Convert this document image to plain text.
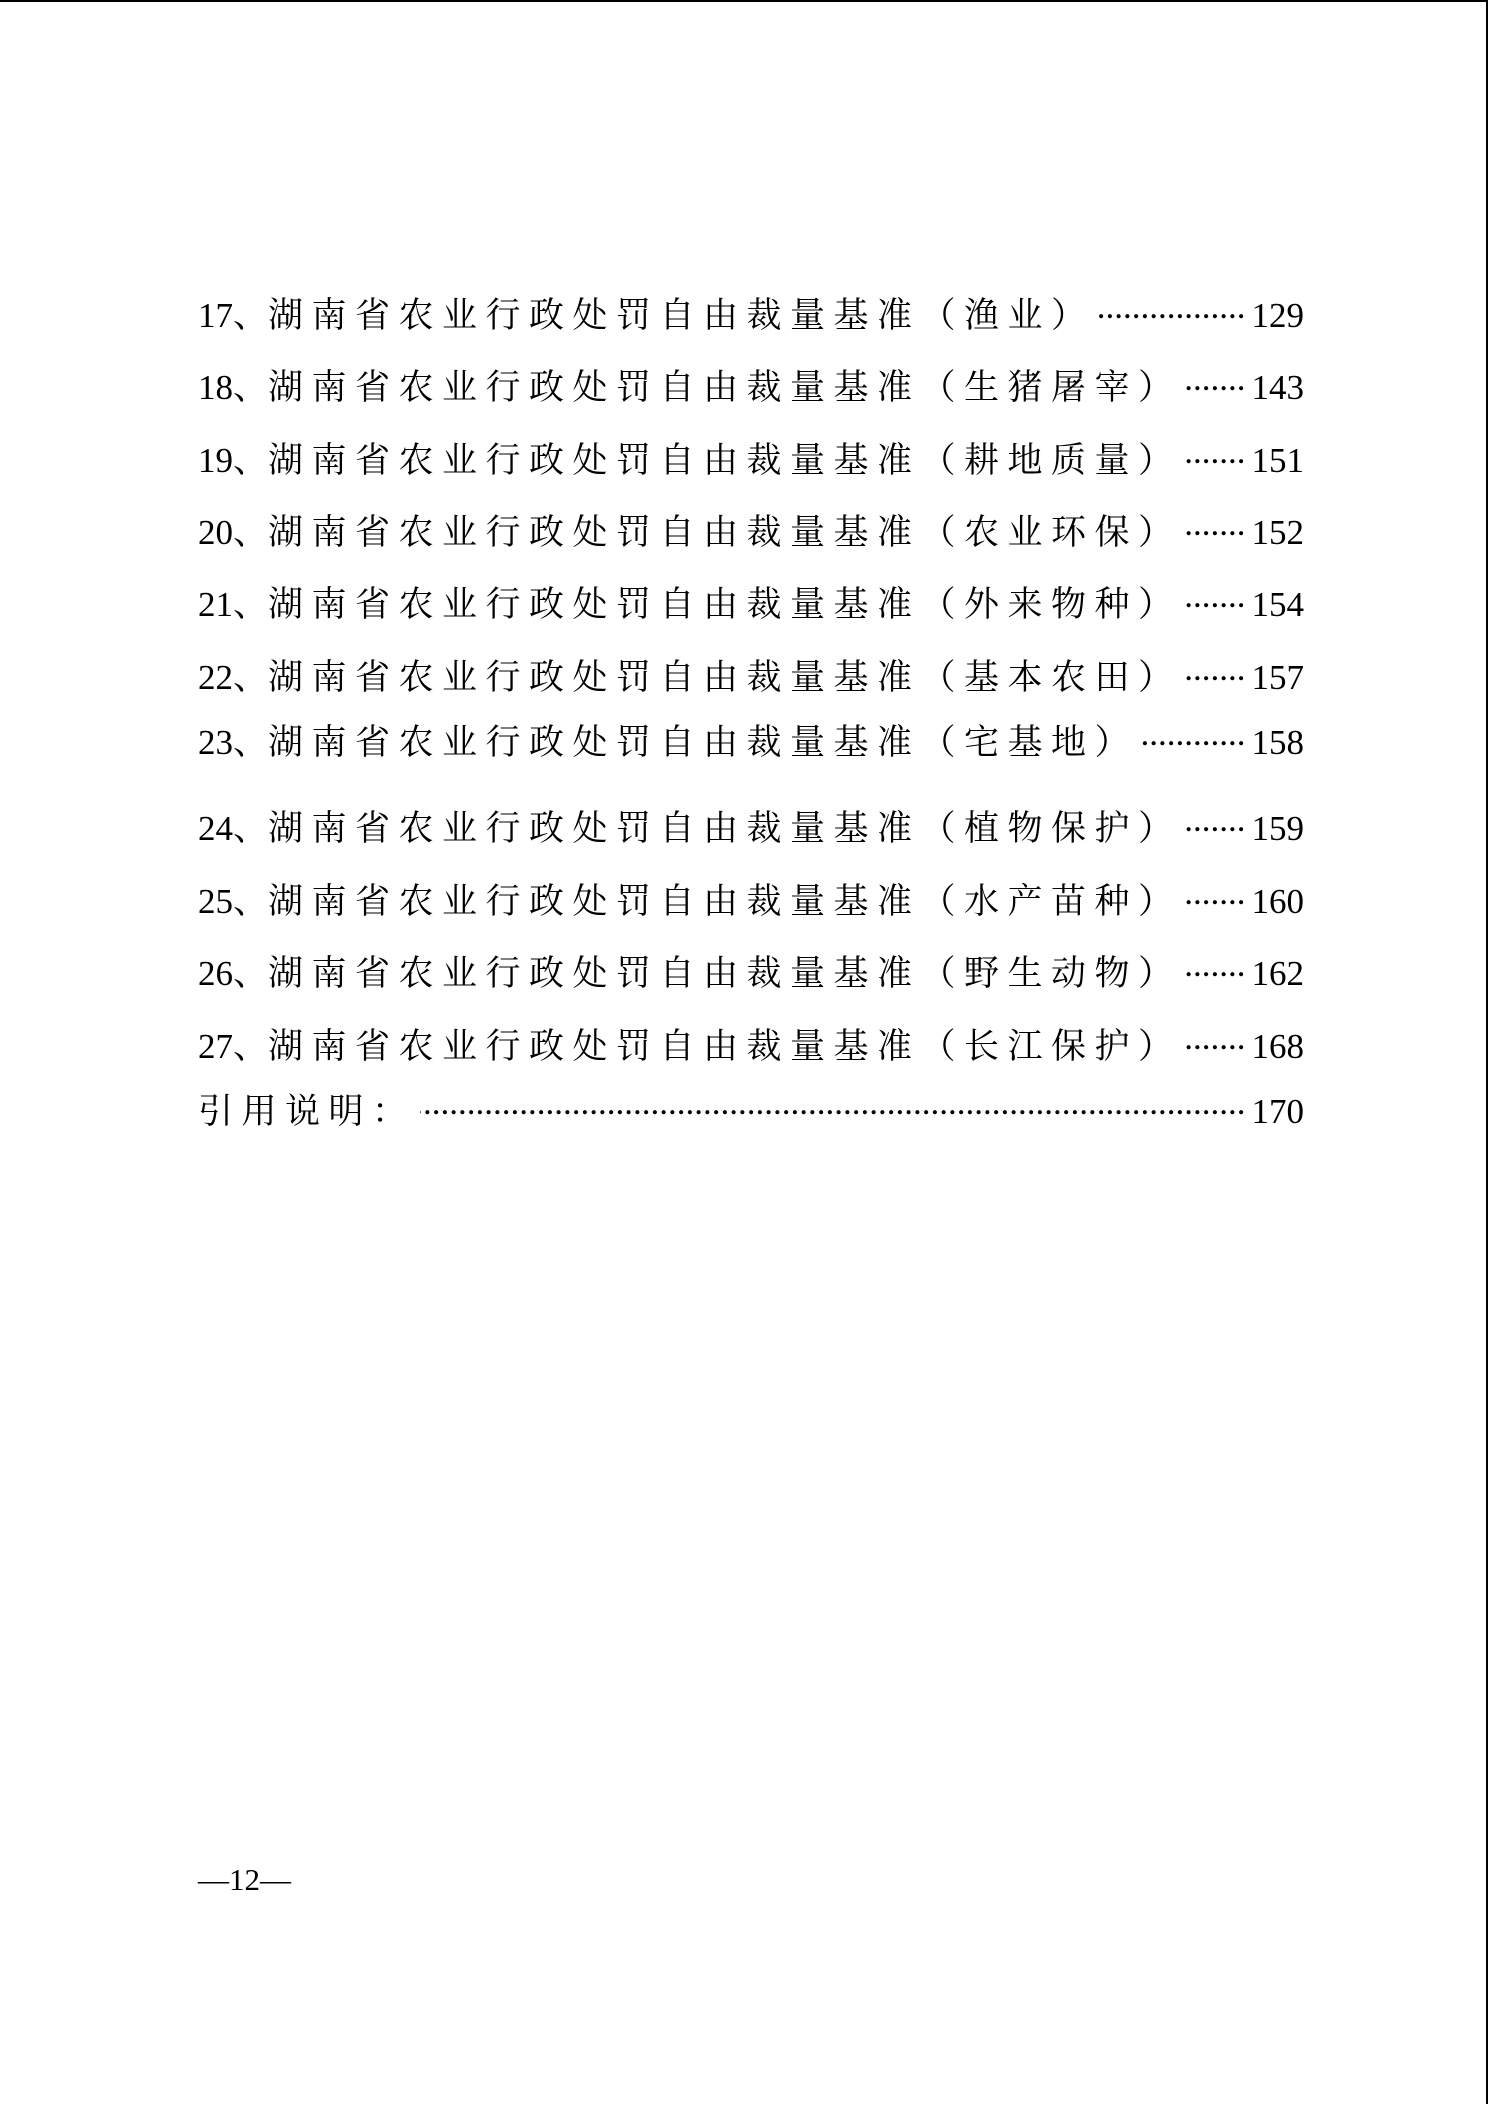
17、 湖南省农业行政处罚自由裁量基准（渔业） .....	129
18、 湖南省农业行政处罚自由裁量基准（生猪屠宰） ..... 143
19、 湖南省农业行政处罚自由裁量基准（耕地质量） ..... 151
20、 湖南省农业行政处罚自由裁量基准（农业环保） ..... 152
21、 湖南省农业行政处罚自由裁量基准（外来物种） ..... 154
22、 湖南省农业行政处罚自由裁量基准（基本农田） ..... 157
23、 湖南省农业行政处罚自由裁量基准（宅基地） .....	158
24、 湖南省农业行政处罚自由裁量基准（植物保护） ..... 159
25、 湖南省农业行政处罚自由裁量基准（水产苗种） ..... 160
26、 湖南省农业行政处罚自由裁量基准（野生动物） ..... 162
27、 湖南省农业行政处罚自由裁量基准（长江保护） ..... 168
引用说明： .....	170
—12—
